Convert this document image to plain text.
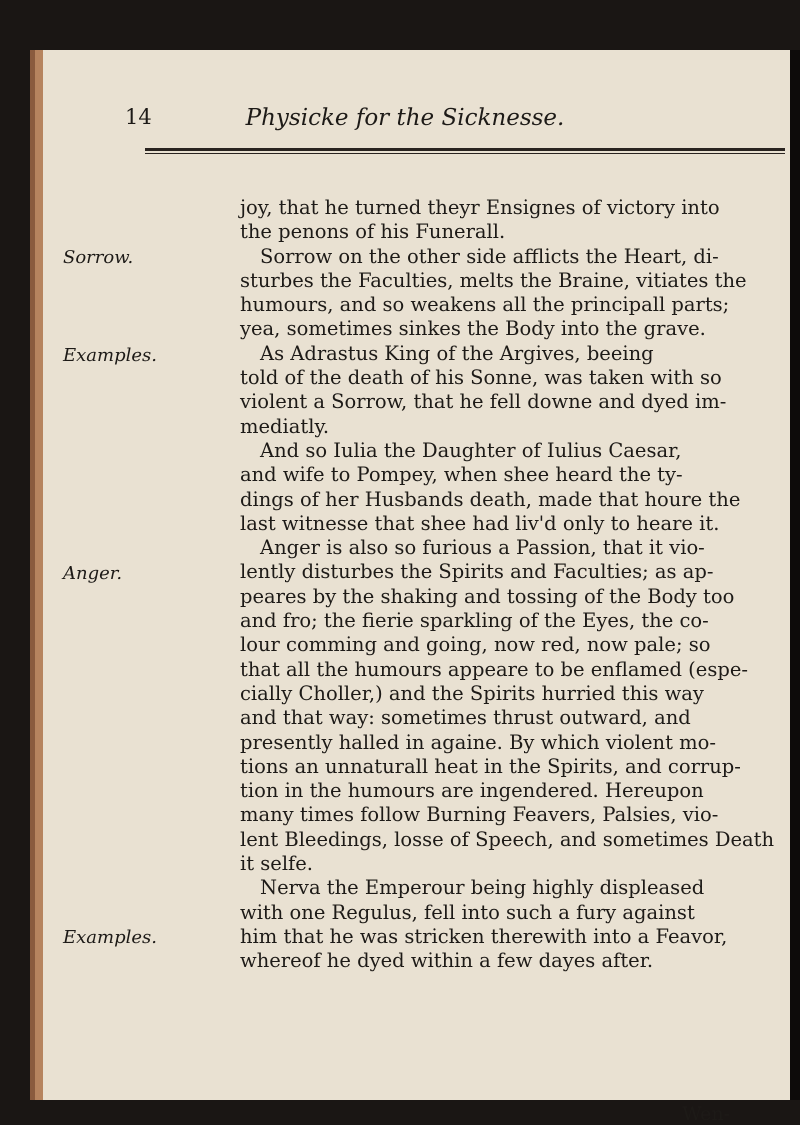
14	Physicke for the Sicknesse.
Sorrow.
Examples.
Anger.
Examples.
joy, that he turned theyr Ensignes of victory into
the penons of his Funerall.
Sorrow on the other side afflicts the Heart, di-
sturbes the Faculties, melts the Braine, vitiates the
humours, and so weakens all the principall parts;
yea, sometimes sinkes the Body into the grave.
As Adrastus King of the Argives, beeing
told of the death of his Sonne, was taken with so
violent a Sorrow, that he fell downe and dyed im-
mediatly.
And so Iulia the Daughter of Iulius Caesar,
and wife to Pompey, when shee heard the ty-
dings of her Husbands death, made that houre the
last witnesse that shee had liv'd only to heare it.
Anger is also so furious a Passion, that it vio-
lently disturbes the Spirits and Faculties; as ap-
peares by the shaking and tossing of the Body too
and fro; the fierie sparkling of the Eyes, the co-
lour comming and going, now red, now pale; so
that all the humours appeare to be enflamed (espe-
cially Choller,) and the Spirits hurried this way
and that way: sometimes thrust outward, and
presently halled in againe. By which violent mo-
tions an unnaturall heat in the Spirits, and corrup-
tion in the humours are ingendered. Hereupon
many times follow Burning Feavers, Palsies, vio-
lent Bleedings, losse of Speech, and sometimes Death
it selfe.
Nerva the Emperour being highly displeased
with one Regulus, fell into such a fury against
him that he was stricken therewith into a Feavor,
whereof he dyed within a few dayes after.
Wen-
